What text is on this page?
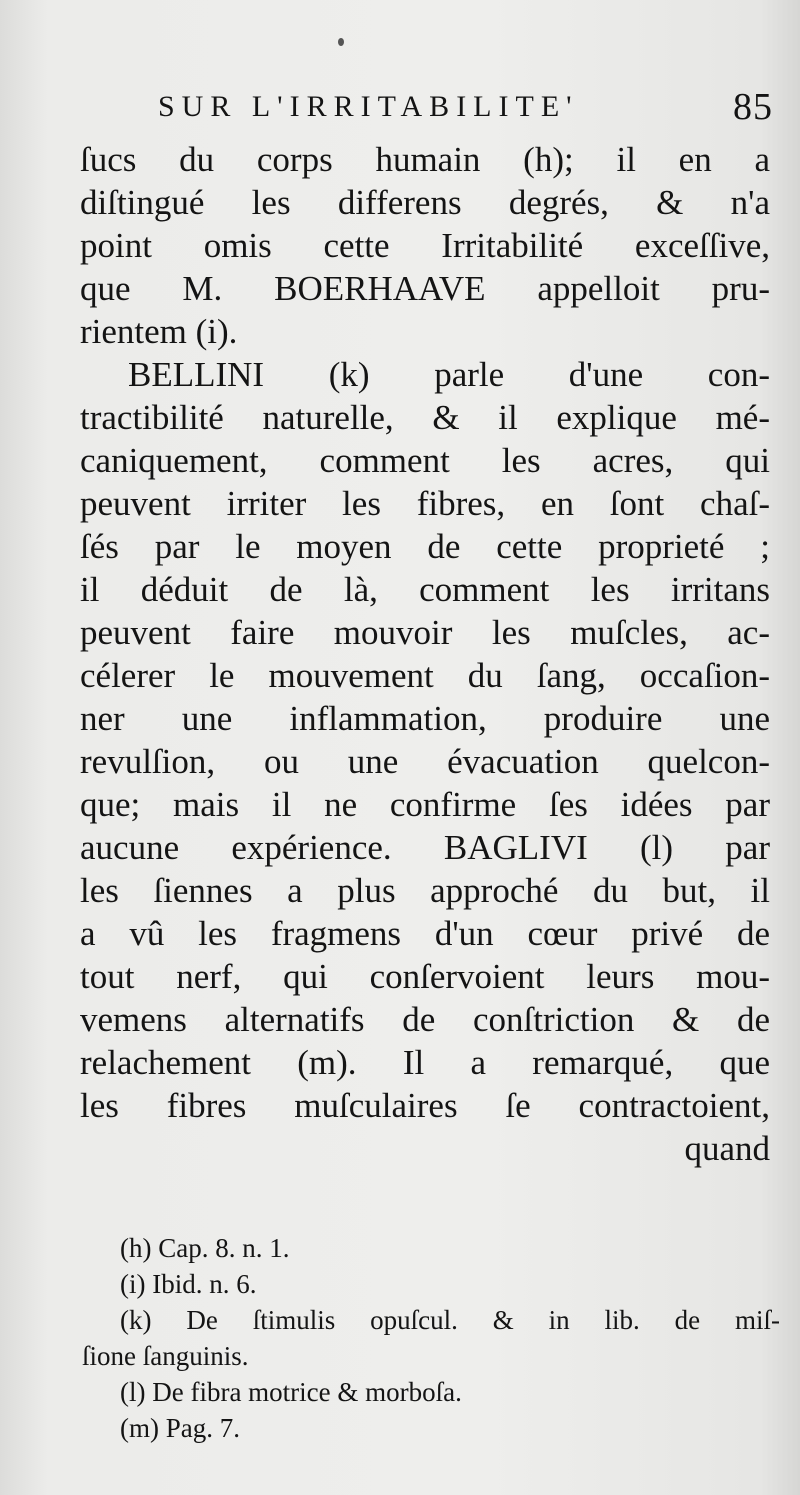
SUR L'IRRITABILITE'	85
ſucs du corps humain (h); il en a
diſtingué les differens degrés, & n'a
point omis cette Irritabilité exceſſive,
que M. BOERHAAVE appelloit pru-
rientem (i).
BELLINI (k) parle d'une con-
tractibilité naturelle, & il explique mé-
caniquement, comment les acres, qui
peuvent irriter les fibres, en ſont chaſ-
ſés par le moyen de cette proprieté ;
il déduit de là, comment les irritans
peuvent faire mouvoir les muſcles, ac-
célerer le mouvement du ſang, occaſion-
ner une inflammation, produire une
revulſion, ou une évacuation quelcon-
que; mais il ne confirme ſes idées par
aucune expérience. BAGLIVI (l) par
les ſiennes a plus approché du but, il
a vû les fragmens d'un cœur privé de
tout nerf, qui conſervoient leurs mou-
vemens alternatifs de conſtriction & de
relachement (m). Il a remarqué, que
les fibres muſculaires ſe contractoient,
quand
(h) Cap. 8. n. 1.
(i) Ibid. n. 6.
(k) De ſtimulis opuſcul. & in lib. de miſ-
ſione ſanguinis.
(l) De fibra motrice & morboſa.
(m) Pag. 7.
